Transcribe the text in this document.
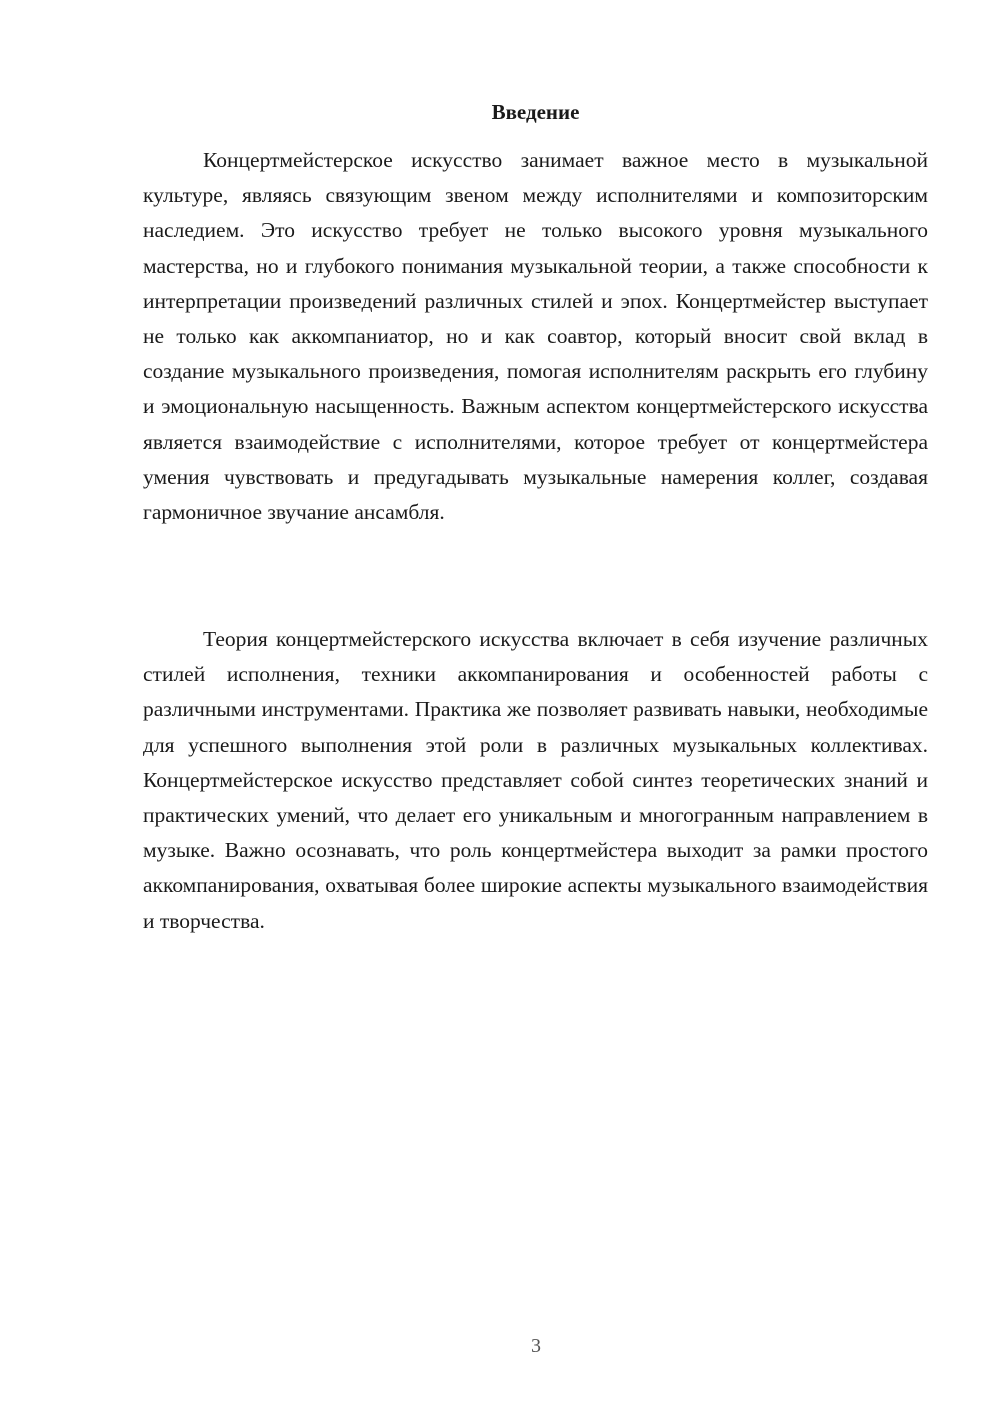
Введение

Концертмейстерское искусство занимает важное место в музыкальной культуре, являясь связующим звеном между исполнителями и композиторским наследием. Это искусство требует не только высокого уровня музыкального мастерства, но и глубокого понимания музыкальной теории, а также способности к интерпретации произведений различных стилей и эпох. Концертмейстер выступает не только как аккомпаниатор, но и как соавтор, который вносит свой вклад в создание музыкального произведения, помогая исполнителям раскрыть его глубину и эмоциональную насыщенность. Важным аспектом концертмейстерского искусства является взаимодействие с исполнителями, которое требует от концертмейстера умения чувствовать и предугадывать музыкальные намерения коллег, создавая гармоничное звучание ансамбля.

Теория концертмейстерского искусства включает в себя изучение различных стилей исполнения, техники аккомпанирования и особенностей работы с различными инструментами. Практика же позволяет развивать навыки, необходимые для успешного выполнения этой роли в различных музыкальных коллективах. Концертмейстерское искусство представляет собой синтез теоретических знаний и практических умений, что делает его уникальным и многогранным направлением в музыке. Важно осознавать, что роль концертмейстера выходит за рамки простого аккомпанирования, охватывая более широкие аспекты музыкального взаимодействия и творчества.

3
